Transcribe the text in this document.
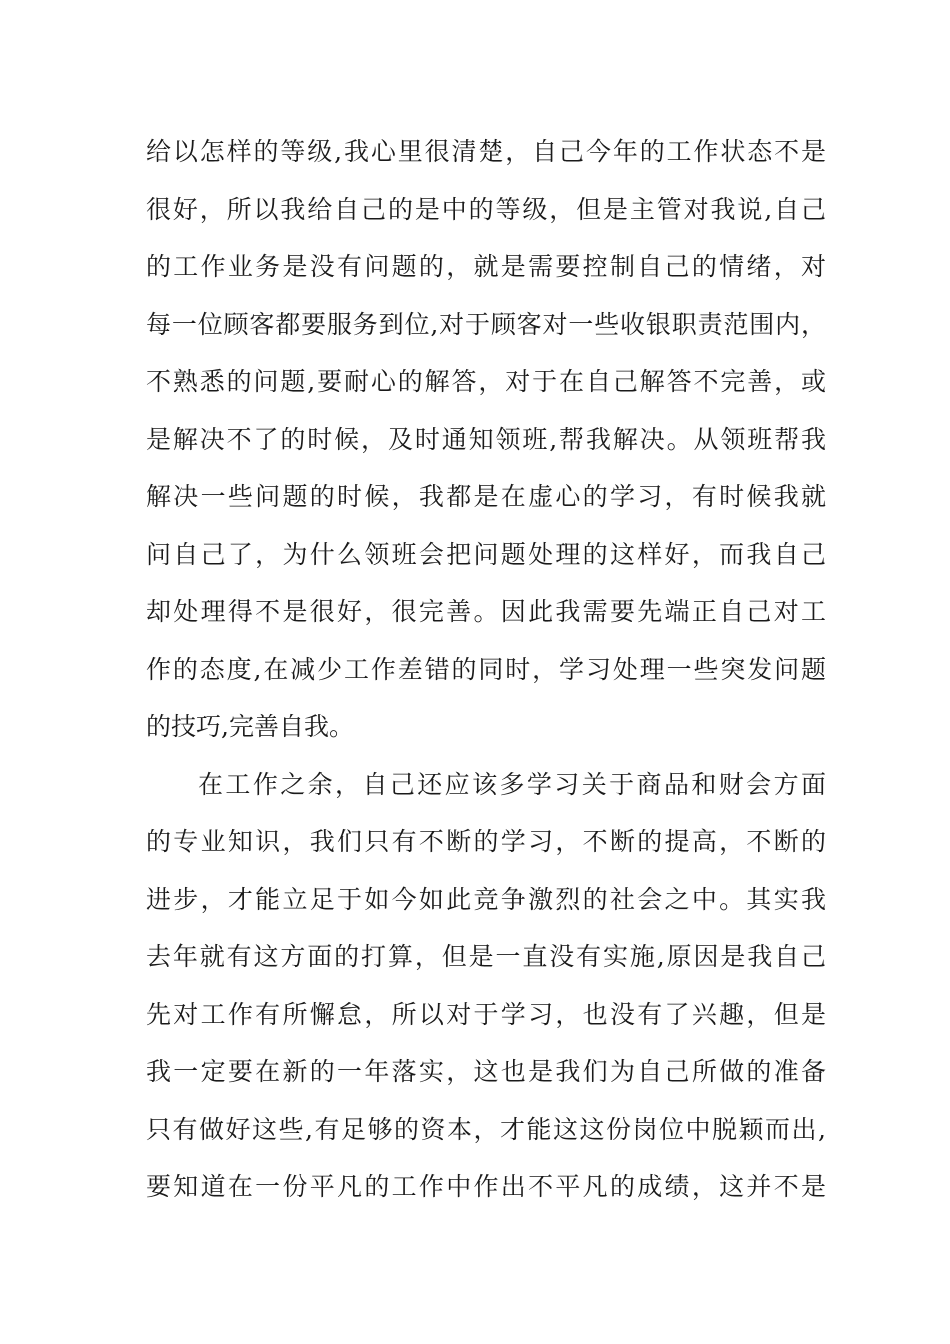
给以怎样的等级,我心里很清楚，自己今年的工作状态不是
很好，所以我给自己的是中的等级，但是主管对我说,自己
的工作业务是没有问题的，就是需要控制自己的情绪，对
每一位顾客都要服务到位,对于顾客对一些收银职责范围内，
不熟悉的问题,要耐心的解答，对于在自己解答不完善，或
是解决不了的时候，及时通知领班,帮我解决。从领班帮我
解决一些问题的时候，我都是在虚心的学习，有时候我就
问自己了，为什么领班会把问题处理的这样好，而我自己
却处理得不是很好，很完善。因此我需要先端正自己对工
作的态度,在减少工作差错的同时，学习处理一些突发问题
的技巧,完善自我。
在工作之余，自己还应该多学习关于商品和财会方面
的专业知识，我们只有不断的学习，不断的提高，不断的
进步，才能立足于如今如此竞争激烈的社会之中。其实我
去年就有这方面的打算，但是一直没有实施,原因是我自己
先对工作有所懈怠，所以对于学习，也没有了兴趣，但是
我一定要在新的一年落实，这也是我们为自己所做的准备
只有做好这些,有足够的资本，才能这这份岗位中脱颖而出,
要知道在一份平凡的工作中作出不平凡的成绩，这并不是
